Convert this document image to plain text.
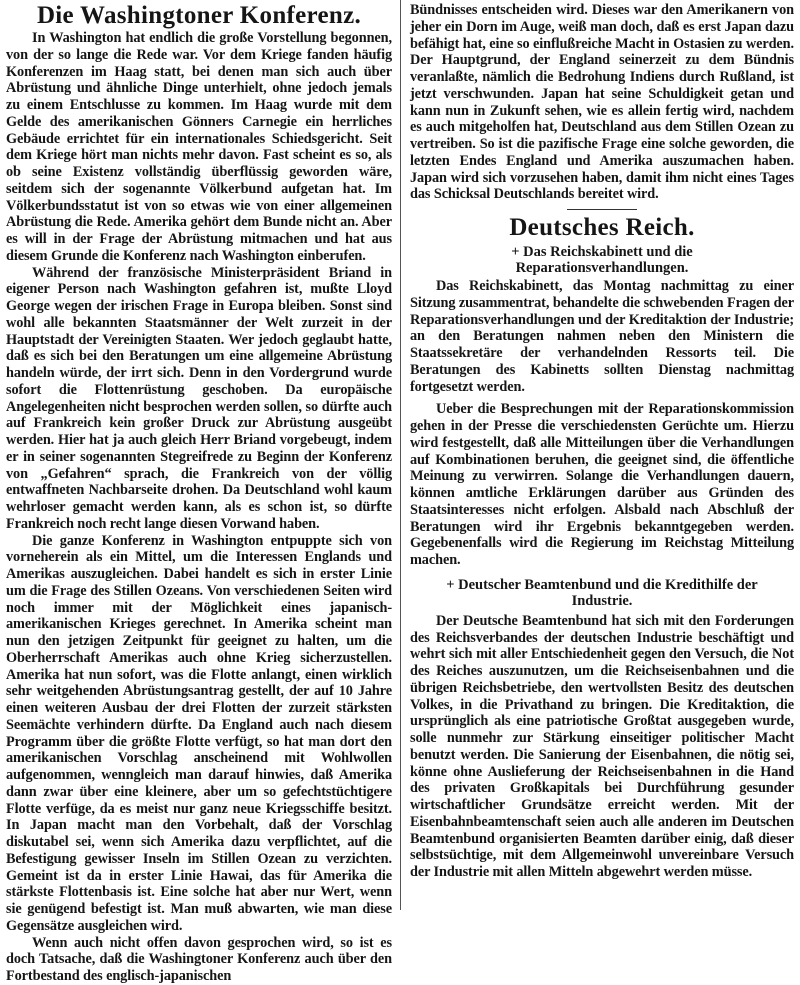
Die Washingtoner Konferenz.

In Washington hat endlich die große Vorstellung begonnen, von der so lange die Rede war. Vor dem Kriege fanden häufig Konferenzen im Haag statt, bei denen man sich auch über Abrüstung und ähnliche Dinge unterhielt, ohne jedoch jemals zu einem Entschlusse zu kommen. Im Haag wurde mit dem Gelde des amerikanischen Gönners Carnegie ein herrliches Gebäude errichtet für ein internationales Schiedsgericht. Seit dem Kriege hört man nichts mehr davon. Fast scheint es so, als ob seine Existenz vollständig überflüssig geworden wäre, seitdem sich der sogenannte Völkerbund aufgetan hat. Im Völkerbundsstatut ist von so etwas wie von einer allgemeinen Abrüstung die Rede. Amerika gehört dem Bunde nicht an. Aber es will in der Frage der Abrüstung mitmachen und hat aus diesem Grunde die Konferenz nach Washington einberufen.

Während der französische Ministerpräsident Briand in eigener Person nach Washington gefahren ist, mußte Lloyd George wegen der irischen Frage in Europa bleiben. Sonst sind wohl alle bekannten Staatsmänner der Welt zurzeit in der Hauptstadt der Vereinigten Staaten. Wer jedoch geglaubt hatte, daß es sich bei den Beratungen um eine allgemeine Abrüstung handeln würde, der irrt sich. Denn in den Vordergrund wurde sofort die Flottenrüstung geschoben. Da europäische Angelegenheiten nicht besprochen werden sollen, so dürfte auch auf Frankreich kein großer Druck zur Abrüstung ausgeübt werden. Hier hat ja auch gleich Herr Briand vorgebeugt, indem er in seiner sogenannten Stegreifrede zu Beginn der Konferenz von „Gefahren“ sprach, die Frankreich von der völlig entwaffneten Nachbarseite drohen. Da Deutschland wohl kaum wehrloser gemacht werden kann, als es schon ist, so dürfte Frankreich noch recht lange diesen Vorwand haben.

Die ganze Konferenz in Washington entpuppte sich von vorneherein als ein Mittel, um die Interessen Englands und Amerikas auszugleichen. Dabei handelt es sich in erster Linie um die Frage des Stillen Ozeans. Von verschiedenen Seiten wird noch immer mit der Möglichkeit eines japanisch-amerikanischen Krieges gerechnet. In Amerika scheint man nun den jetzigen Zeitpunkt für geeignet zu halten, um die Oberherrschaft Amerikas auch ohne Krieg sicherzustellen. Amerika hat nun sofort, was die Flotte anlangt, einen wirklich sehr weitgehenden Abrüstungsantrag gestellt, der auf 10 Jahre einen weiteren Ausbau der drei Flotten der zurzeit stärksten Seemächte verhindern dürfte. Da England auch nach diesem Programm über die größte Flotte verfügt, so hat man dort den amerikanischen Vorschlag anscheinend mit Wohlwollen aufgenommen, wenngleich man darauf hinwies, daß Amerika dann zwar über eine kleinere, aber um so gefechtstüchtigere Flotte verfüge, da es meist nur ganz neue Kriegsschiffe besitzt. In Japan macht man den Vorbehalt, daß der Vorschlag diskutabel sei, wenn sich Amerika dazu verpflichtet, auf die Befestigung gewisser Inseln im Stillen Ozean zu verzichten. Gemeint ist da in erster Linie Hawai, das für Amerika die stärkste Flottenbasis ist. Eine solche hat aber nur Wert, wenn sie genügend befestigt ist. Man muß abwarten, wie man diese Gegensätze ausgleichen wird.

Wenn auch nicht offen davon gesprochen wird, so ist es doch Tatsache, daß die Washingtoner Konferenz auch über den Fortbestand des englisch-japanischen

Bündnisses entscheiden wird. Dieses war den Amerikanern von jeher ein Dorn im Auge, weiß man doch, daß es erst Japan dazu befähigt hat, eine so einflußreiche Macht in Ostasien zu werden. Der Hauptgrund, der England seinerzeit zu dem Bündnis veranlaßte, nämlich die Bedrohung Indiens durch Rußland, ist jetzt verschwunden. Japan hat seine Schuldigkeit getan und kann nun in Zukunft sehen, wie es allein fertig wird, nachdem es auch mitgeholfen hat, Deutschland aus dem Stillen Ozean zu vertreiben. So ist die pazifische Frage eine solche geworden, die letzten Endes England und Amerika auszumachen haben. Japan wird sich vorzusehen haben, damit ihm nicht eines Tages das Schicksal Deutschlands bereitet wird.

Deutsches Reich.
+ Das Reichskabinett und die Reparationsverhandlungen.

Das Reichskabinett, das Montag nachmittag zu einer Sitzung zusammentrat, behandelte die schwebenden Fragen der Reparationsverhandlungen und der Kreditaktion der Industrie; an den Beratungen nahmen neben den Ministern die Staatssekretäre der verhandelnden Ressorts teil. Die Beratungen des Kabinetts sollten Dienstag nachmittag fortgesetzt werden.

Ueber die Besprechungen mit der Reparationskommission gehen in der Presse die verschiedensten Gerüchte um. Hierzu wird festgestellt, daß alle Mitteilungen über die Verhandlungen auf Kombinationen beruhen, die geeignet sind, die öffentliche Meinung zu verwirren. Solange die Verhandlungen dauern, können amtliche Erklärungen darüber aus Gründen des Staatsinteresses nicht erfolgen. Alsbald nach Abschluß der Beratungen wird ihr Ergebnis bekanntgegeben werden. Gegebenenfalls wird die Regierung im Reichstag Mitteilung machen.

+ Deutscher Beamtenbund und die Kredithilfe der Industrie.

Der Deutsche Beamtenbund hat sich mit den Forderungen des Reichsverbandes der deutschen Industrie beschäftigt und wehrt sich mit aller Entschiedenheit gegen den Versuch, die Not des Reiches auszunutzen, um die Reichseisenbahnen und die übrigen Reichsbetriebe, den wertvollsten Besitz des deutschen Volkes, in die Privathand zu bringen. Die Kreditaktion, die ursprünglich als eine patriotische Großtat ausgegeben wurde, solle nunmehr zur Stärkung einseitiger politischer Macht benutzt werden. Die Sanierung der Eisenbahnen, die nötig sei, könne ohne Auslieferung der Reichseisenbahnen in die Hand des privaten Großkapitals bei Durchführung gesunder wirtschaftlicher Grundsätze erreicht werden. Mit der Eisenbahnbeamtenschaft seien auch alle anderen im Deutschen Beamtenbund organisierten Beamten darüber einig, daß dieser selbstsüchtige, mit dem Allgemeinwohl unvereinbare Versuch der Industrie mit allen Mitteln abgewehrt werden müsse.
